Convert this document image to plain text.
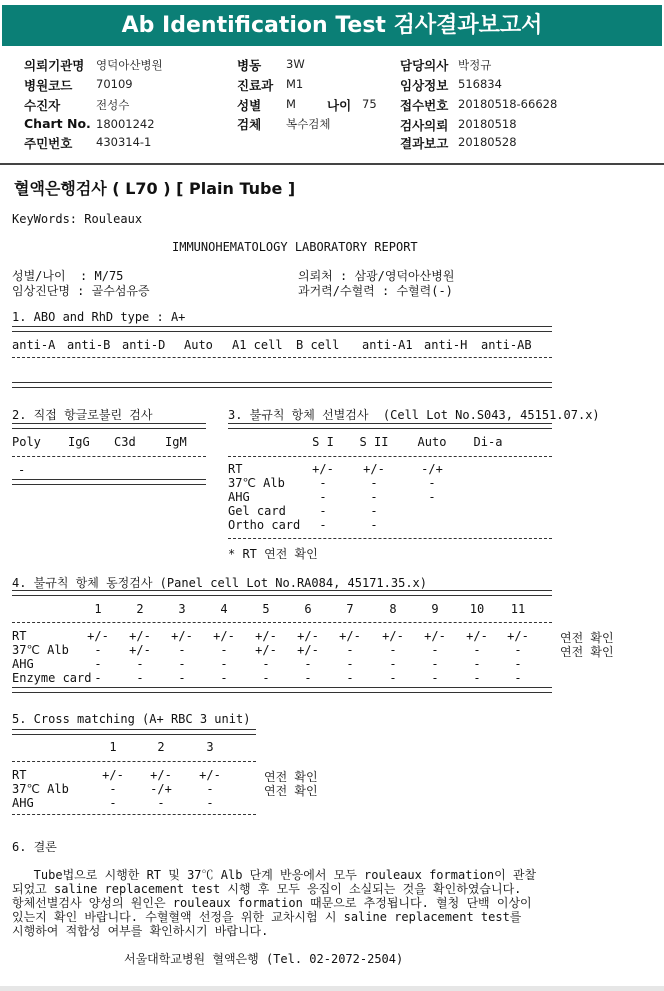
Ab Identification Test 검사결과보고서
의뢰기관명 영덕아산병원
병원코드 70109
수진자	전성수
Chart No. 18001242
주민번호 430314-1
병동 3W
진료과 M1
성별 M 나이 75
검체 복수검체
담당의사 박정규
임상정보 516834
접수번호 20180518-66628
검사의뢰 20180518
결과보고 20180528
혈액은행검사 ( L70 ) [ Plain Tube ]
KeyWords: Rouleaux
IMMUNOHEMATOLOGY LABORATORY REPORT
성별/나이  : M/75
임상진단명 : 골수섬유증
의뢰처 : 삼광/영덕아산병원
과거력/수혈력 : 수혈력(-)
1. ABO and RhD type : A+
anti-A anti-B anti-D Auto A1 cell B cell anti-A1 anti-H anti-AB
2. 직접 항글로불린 검사
Poly IgG C3d IgM
-
3. 불규칙 항체 선별검사  (Cell Lot No.S043, 45151.07.x)
S I S II Auto Di-a
RT	+/- +/-	-/+
37℃ Alb	-	-	-
AHG	-	-	-
Gel card	-	-
Ortho card -	-
* RT 연전 확인
4. 불규칙 항체 동정검사 (Panel cell Lot No.RA084, 45171.35.x)
1	2	3	4	5	6	7	8	9	10 11
RT	+/- +/- +/- +/- +/- +/- +/- +/- +/- +/- +/-	연전 확인
37℃ Alb - +/- -	- +/- +/- -	-	-	-	-	연전 확인
AHG	-	-	-	-	-	-	-	-	-	-	-
Enzyme card -	-	-	-	-	-	-	-	-	-	-
5. Cross matching (A+ RBC 3 unit)
1	2	3
RT	+/- +/- +/-	연전 확인
37℃ Alb	-	-/+	-	연전 확인
AHG	-	-	-
6. 결론
Tube법으로 시행한 RT 및 37℃ Alb 단계 반응에서 모두 rouleaux formation이 관찰
되었고 saline replacement test 시행 후 모두 응집이 소실되는 것을 확인하였습니다.
항체선별검사 양성의 원인은 rouleaux formation 때문으로 추정됩니다. 혈청 단백 이상이
있는지 확인 바랍니다. 수혈혈액 선정을 위한 교차시험 시 saline replacement test를
시행하여 적합성 여부를 확인하시기 바랍니다.
서울대학교병원 혈액은행 (Tel. 02-2072-2504)
